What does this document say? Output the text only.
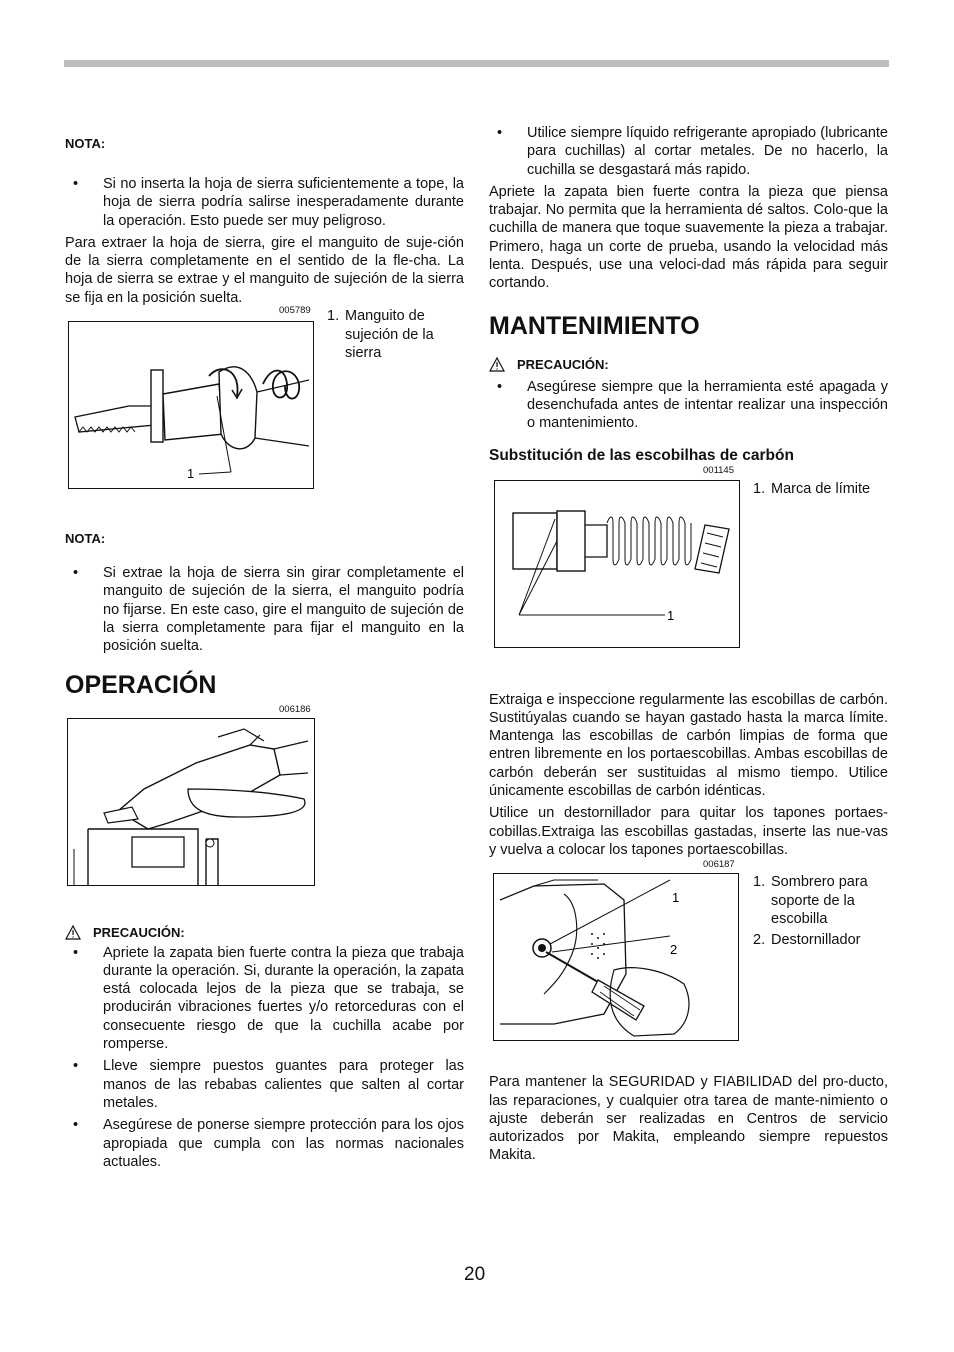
NOTA:
• Si no inserta la hoja de sierra suficientemente a tope, la hoja de sierra podría salirse inesperadamente durante la operación. Esto puede ser muy peligroso.

Para extraer la hoja de sierra, gire el manguito de suje-ción de la sierra completamente en el sentido de la fle-cha. La hoja de sierra se extrae y el manguito de sujeción de la sierra se fija en la posición suelta.

005789
1
1. Manguito de sujeción de la sierra
NOTA:
• Si extrae la hoja de sierra sin girar completamente el manguito de sujeción de la sierra, el manguito podría no fijarse. En este caso, gire el manguito de sujeción de la sierra completamente para fijar el manguito en la posición suelta.
OPERACIÓN
006186
PRECAUCIÓN:
• Apriete la zapata bien fuerte contra la pieza que trabaja durante la operación. Si, durante la operación, la zapata está colocada lejos de la pieza que se trabaja, se producirán vibraciones fuertes y/o retorceduras con el consecuente riesgo de que la cuchilla acabe por romperse.
• Lleve siempre puestos guantes para proteger las manos de las rebabas calientes que salten al cortar metales.
• Asegúrese de ponerse siempre protección para los ojos apropiada que cumpla con las normas nacionales actuales.
• Utilice siempre líquido refrigerante apropiado (lubricante para cuchillas) al cortar metales. De no hacerlo, la cuchilla se desgastará más rapido.

Apriete la zapata bien fuerte contra la pieza que piensa trabajar. No permita que la herramienta dé saltos. Colo-que la cuchilla de manera que toque suavemente la pieza a trabajar. Primero, haga un corte de prueba, usando la velocidad más lenta. Después, use una veloci-dad más rápida para seguir cortando.

MANTENIMIENTO
PRECAUCIÓN:
• Asegúrese siempre que la herramienta esté apagada y desenchufada antes de intentar realizar una inspección o mantenimiento.
Substitución de las escobilhas de carbón
001145
1
1. Marca de límite

Extraiga e inspeccione regularmente las escobillas de carbón. Sustitúyalas cuando se hayan gastado hasta la marca límite. Mantenga las escobillas de carbón limpias de forma que entren libremente en los portaescobillas. Ambas escobillas de carbón deberán ser sustituidas al mismo tiempo. Utilice únicamente escobillas de carbón idénticas.

Utilice un destornillador para quitar los tapones portaes-cobillas.Extraiga las escobillas gastadas, inserte las nue-vas y vuelva a colocar los tapones portaescobillas.

006187
1
2
1. Sombrero para soporte de la escobilla
2. Destornillador

Para mantener la SEGURIDAD y FIABILIDAD del pro-ducto, las reparaciones, y cualquier otra tarea de mante-nimiento o ajuste deberán ser realizadas en Centros de servicio autorizados por Makita, empleando siempre repuestos Makita.

20
